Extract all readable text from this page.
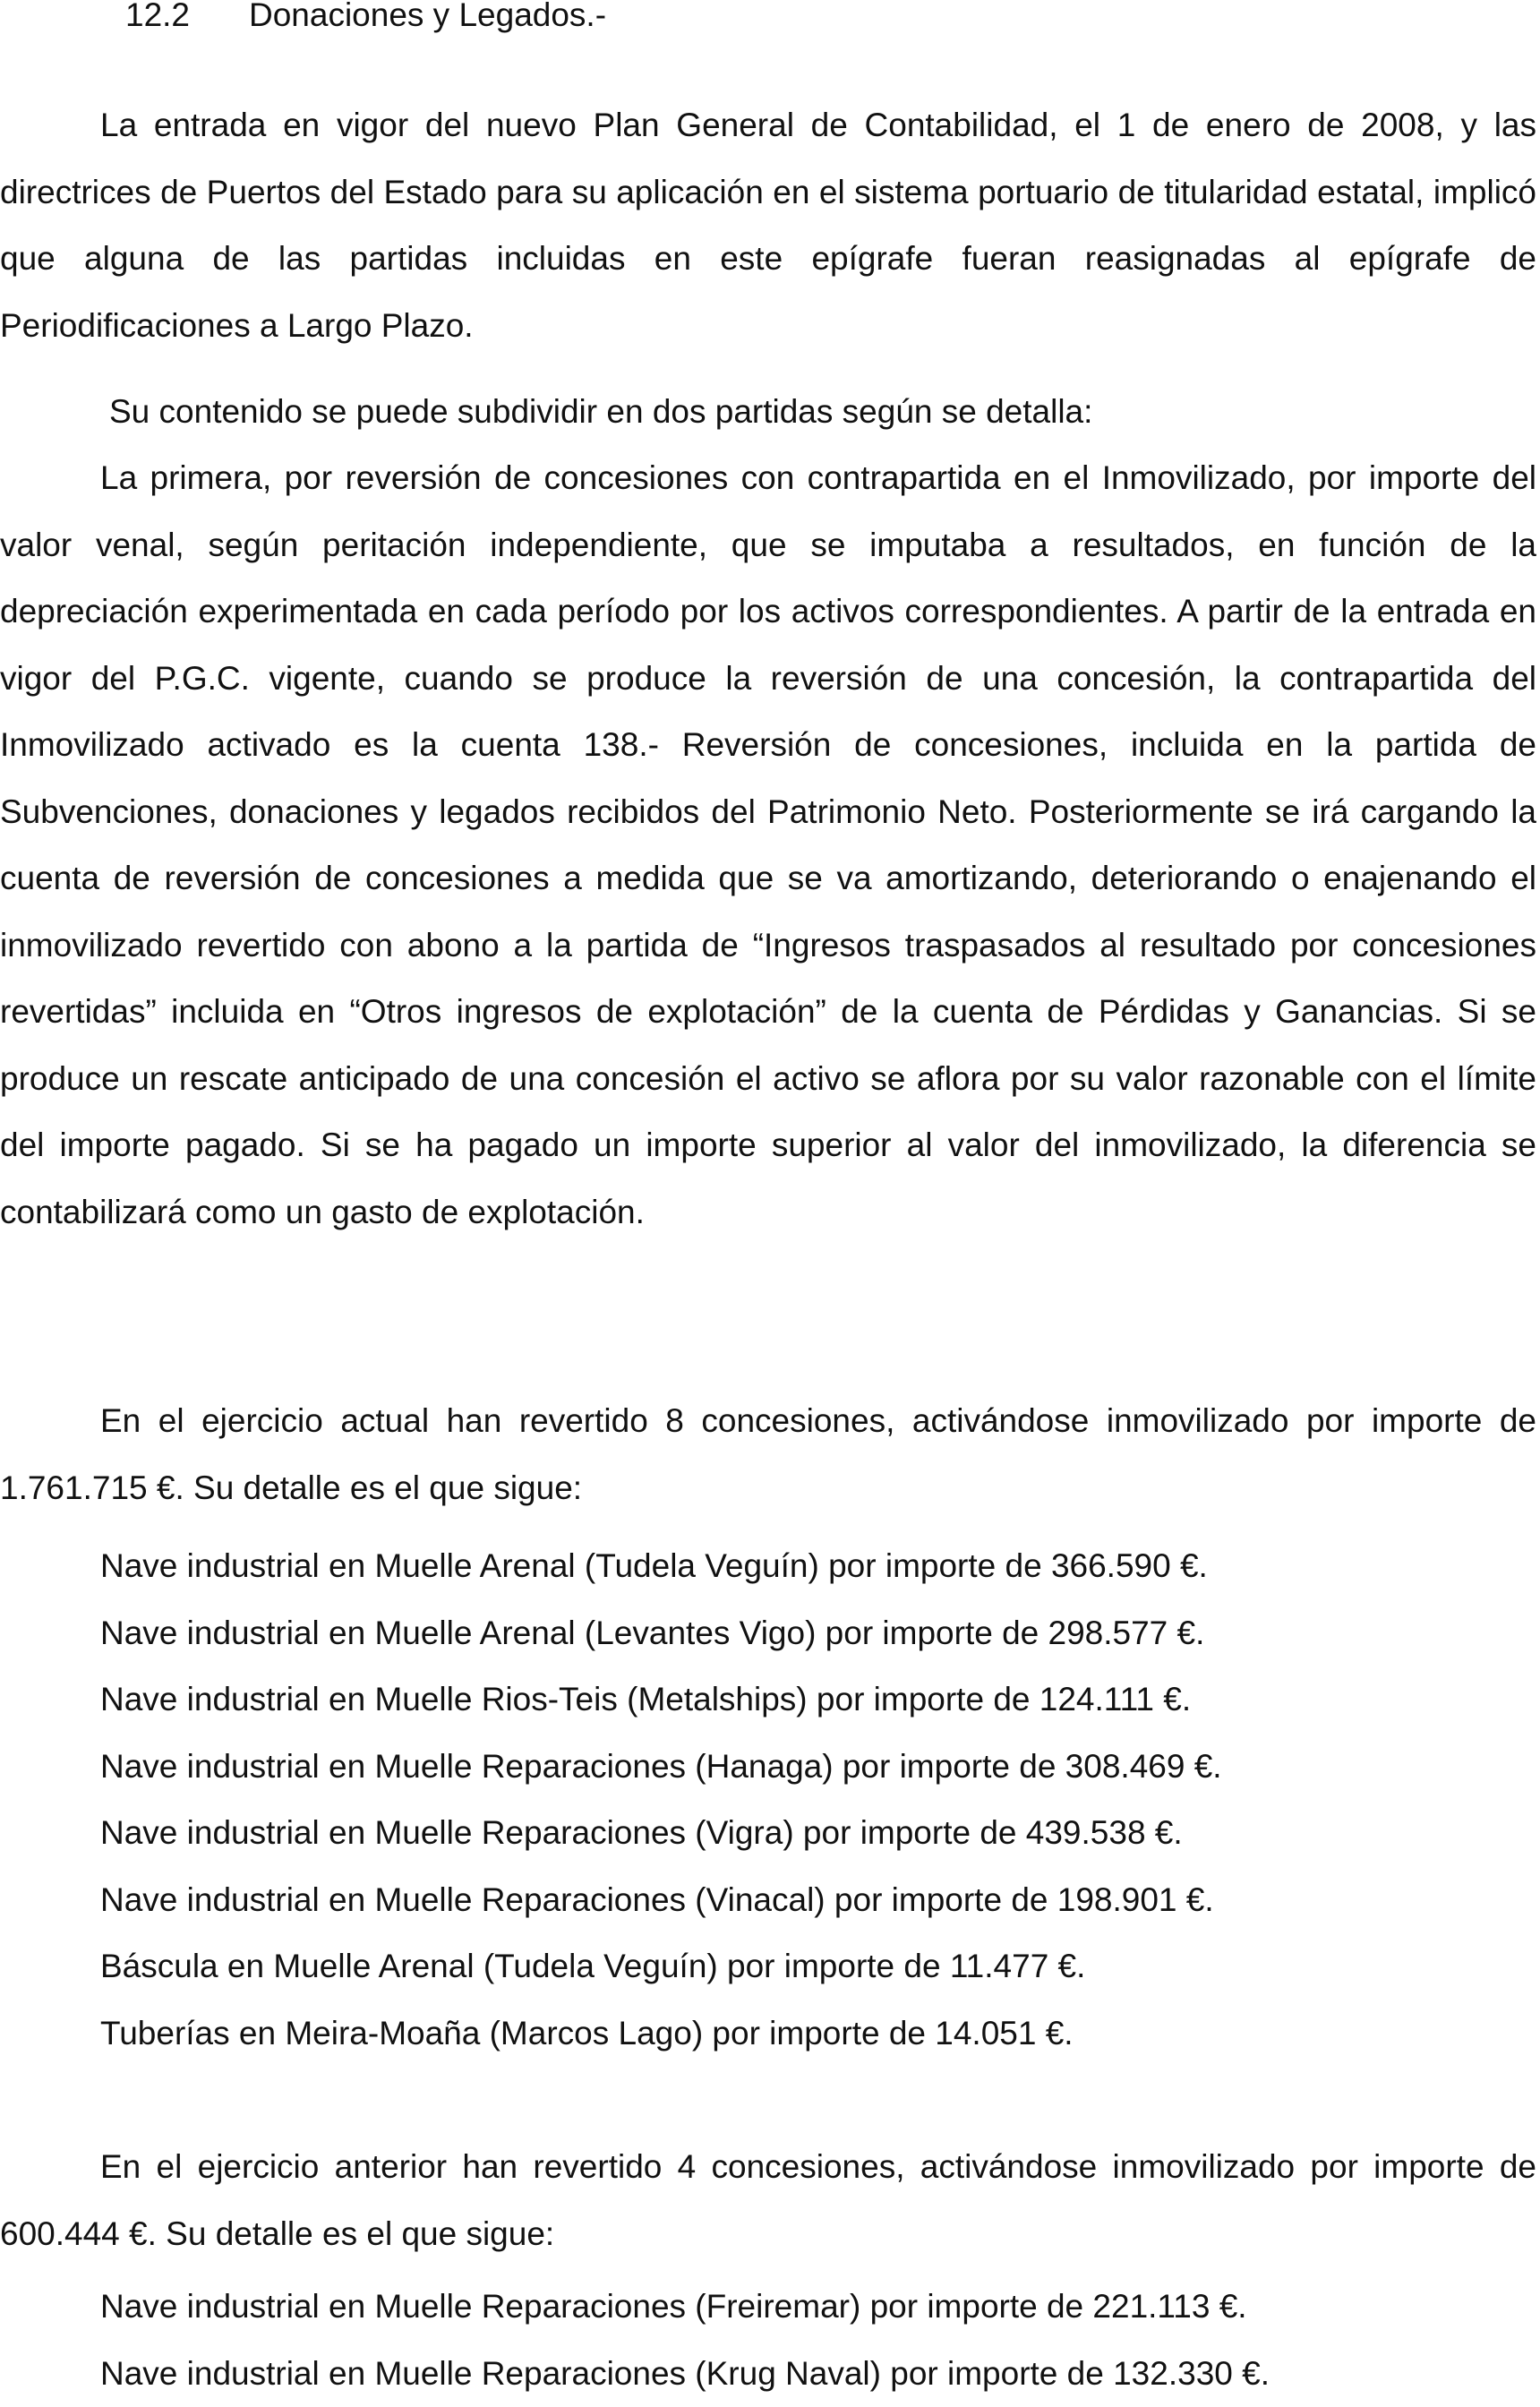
12.2 Donaciones y Legados.-

La entrada en vigor del nuevo Plan General de Contabilidad, el 1 de enero de 2008, y las directrices de Puertos del Estado para su aplicación en el sistema portuario de titularidad estatal, implicó que alguna de las partidas incluidas en este epígrafe fueran reasignadas al epígrafe de Periodificaciones a Largo Plazo.

Su contenido se puede subdividir en dos partidas según se detalla:

La primera, por reversión de concesiones con contrapartida en el Inmovilizado, por importe del valor venal, según peritación independiente, que se imputaba a resultados, en función de la depreciación experimentada en cada período por los activos correspondientes. A partir de la entrada en vigor del P.G.C. vigente, cuando se produce la reversión de una concesión, la contrapartida del Inmovilizado activado es la cuenta 138.- Reversión de concesiones, incluida en la partida de Subvenciones, donaciones y legados recibidos del Patrimonio Neto. Posteriormente se irá cargando la cuenta de reversión de concesiones a medida que se va amortizando, deteriorando o enajenando el inmovilizado revertido con abono a la partida de “Ingresos traspasados al resultado por concesiones revertidas” incluida en “Otros ingresos de explotación” de la cuenta de Pérdidas y Ganancias. Si se produce un rescate anticipado de una concesión el activo se aflora por su valor razonable con el límite del importe pagado. Si se ha pagado un importe superior al valor del inmovilizado, la diferencia se contabilizará como un gasto de explotación.

En el ejercicio actual han revertido 8 concesiones, activándose inmovilizado por importe de 1.761.715 €. Su detalle es el que sigue:

Nave industrial en Muelle Arenal (Tudela Veguín) por importe de 366.590 €.
Nave industrial en Muelle Arenal (Levantes Vigo) por importe de 298.577 €.
Nave industrial en Muelle Rios-Teis (Metalships) por importe de 124.111 €.
Nave industrial en Muelle Reparaciones (Hanaga) por importe de 308.469 €.
Nave industrial en Muelle Reparaciones (Vigra) por importe de 439.538 €.
Nave industrial en Muelle Reparaciones (Vinacal) por importe de 198.901 €.
Báscula en Muelle Arenal (Tudela Veguín) por importe de 11.477 €.
Tuberías en Meira-Moaña (Marcos Lago) por importe de 14.051 €.

En el ejercicio anterior han revertido 4 concesiones, activándose inmovilizado por importe de 600.444 €. Su detalle es el que sigue:

Nave industrial en Muelle Reparaciones (Freiremar) por importe de 221.113 €.
Nave industrial en Muelle Reparaciones (Krug Naval) por importe de 132.330 €.
